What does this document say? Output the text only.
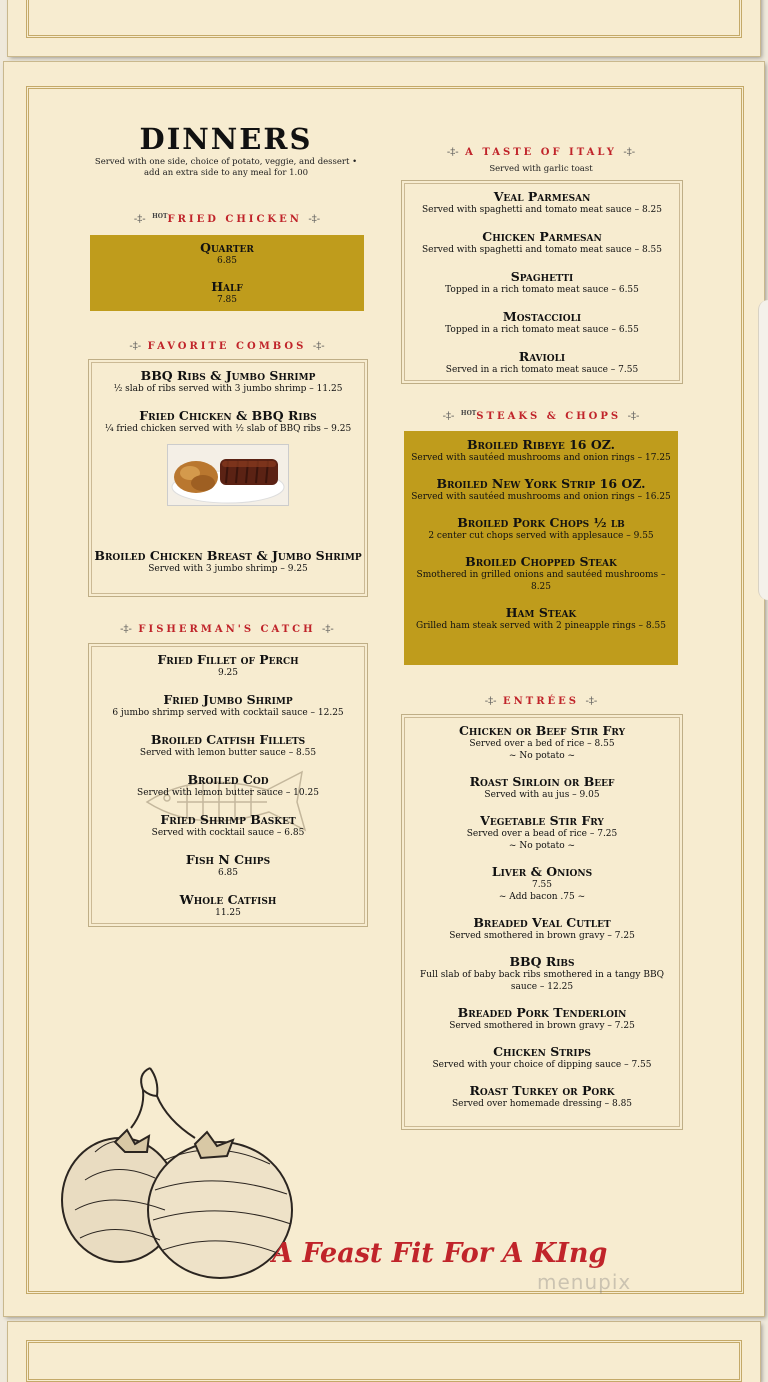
DINNERS
Served with one side, choice of potato, veggie, and dessert •
add an extra side to any meal for 1.00
-‡- $^{HOT}$FRIED CHICKEN -‡-
Quarter
6.85
Half
7.85
-‡- FAVORITE COMBOS -‡-
BBQ Ribs & Jumbo Shrimp
½ slab of ribs served with 3 jumbo shrimp – 11.25
Fried Chicken & BBQ Ribs
¼ fried chicken served with ½ slab of BBQ ribs – 9.25
Broiled Chicken Breast & Jumbo Shrimp
Served with 3 jumbo shrimp – 9.25
-‡- FISHERMAN'S CATCH -‡-
Fried Fillet of Perch
9.25
Fried Jumbo Shrimp
6 jumbo shrimp served with cocktail sauce – 12.25
Broiled Catfish Fillets
Served with lemon butter sauce – 8.55
Broiled Cod
Served with lemon butter sauce – 10.25
Fried Shrimp Basket
Served with cocktail sauce – 6.85
Fish N Chips
6.85
Whole Catfish
11.25
-‡- A TASTE OF ITALY -‡-
Served with garlic toast
Veal Parmesan
Served with spaghetti and tomato meat sauce – 8.25
Chicken Parmesan
Served with spaghetti and tomato meat sauce – 8.55
Spaghetti
Topped in a rich tomato meat sauce – 6.55
Mostaccioli
Topped in a rich tomato meat sauce – 6.55
Ravioli
Served in a rich tomato meat sauce – 7.55
-‡- $^{HOT}$STEAKS & CHOPS -‡-
Broiled Ribeye 16 OZ.
Served with sautéed mushrooms and onion rings – 17.25
Broiled New York Strip 16 OZ.
Served with sautéed mushrooms and onion rings – 16.25
Broiled Pork Chops ½ lb
2 center cut chops served with applesauce – 9.55
Broiled Chopped Steak
Smothered in grilled onions and sautéed mushrooms – 8.25
Ham Steak
Grilled ham steak served with 2 pineapple rings – 8.55
-‡- ENTRÉES -‡-
Chicken or Beef Stir Fry
Served over a bed of rice – 8.55
~ No potato ~
Roast Sirloin or Beef
Served with au jus – 9.05
Vegetable Stir Fry
Served over a bead of rice – 7.25
~ No potato ~
Liver & Onions
7.55
~ Add bacon .75 ~
Breaded Veal Cutlet
Served smothered in brown gravy – 7.25
BBQ Ribs
Full slab of baby back ribs smothered in a tangy BBQ sauce – 12.25
Breaded Pork Tenderloin
Served smothered in brown gravy – 7.25
Chicken Strips
Served with your choice of dipping sauce – 7.55
Roast Turkey or Pork
Served over homemade dressing – 8.85
A Feast Fit For A KIng
menupix
